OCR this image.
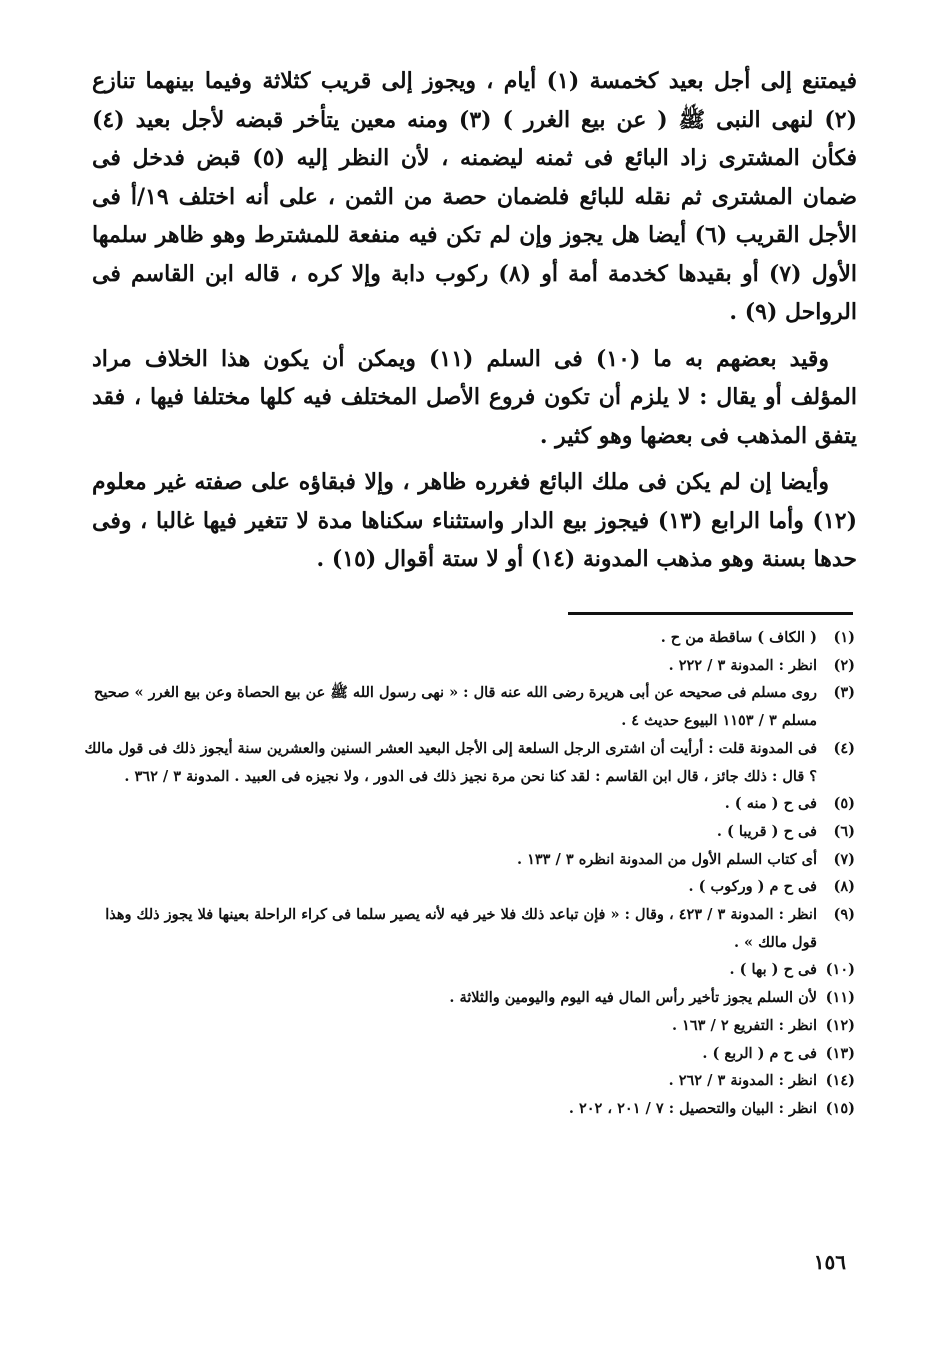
فيمتنع إلى أجل بعيد كخمسة (١) أيام ، ويجوز إلى قريب كثلاثة وفيما بينهما تنازع (٢) لنهى النبى ﷺ ( عن بيع الغرر ) (٣) ومنه معين يتأخر قبضه لأجل بعيد (٤) فكأن المشترى زاد البائع فى ثمنه ليضمنه ، لأن النظر إليه (٥) قبض فدخل فى ضمان المشترى ثم نقله للبائع فلضمان حصة من الثمن ، على أنه اختلف ١٩/أ فى الأجل القريب (٦) أيضا هل يجوز وإن لم تكن فيه منفعة للمشترط وهو ظاهر سلمها الأول (٧) أو بقيدها كخدمة أمة أو (٨) ركوب دابة وإلا كره ، قاله ابن القاسم فى الرواحل (٩) .

وقيد بعضهم به ما (١٠) فى السلم (١١) ويمكن أن يكون هذا الخلاف مراد المؤلف أو يقال : لا يلزم أن تكون فروع الأصل المختلف فيه كلها مختلفا فيها ، فقد يتفق المذهب فى بعضها وهو كثير .

وأيضا إن لم يكن فى ملك البائع فغرره ظاهر ، وإلا فبقاؤه على صفته غير معلوم (١٢) وأما الرابع (١٣) فيجوز بيع الدار واستثناء سكناها مدة لا تتغير فيها غالبا ، وفى حدها بسنة وهو مذهب المدونة (١٤) أو لا ستة أقوال (١٥) .

(١)
( الكاف ) ساقطة من ح .
(٢)
انظر : المدونة ٣ / ٢٢٢ .
(٣)
روى مسلم فى صحيحه عن أبى هريرة رضى الله عنه قال : « نهى رسول الله ﷺ عن بيع الحصاة وعن بيع الغرر » صحيح مسلم ٣ / ١١٥٣ البيوع حديث ٤ .
(٤)
فى المدونة قلت : أرأيت أن اشترى الرجل السلعة إلى الأجل البعيد العشر السنين والعشرين سنة أيجوز ذلك فى قول مالك ؟ قال : ذلك جائز ، قال ابن القاسم : لقد كنا نحن مرة نجيز ذلك فى الدور ، ولا نجيزه فى العبيد . المدونة ٣ / ٣٦٢ .
(٥)
فى ح ( منه ) .
(٦)
فى ح ( قريبا ) .
(٧)
أى كتاب السلم الأول من المدونة انظره ٣ / ١٣٣ .
(٨)
فى ح م ( وركوب ) .
(٩)
انظر : المدونة ٣ / ٤٢٣ ، وقال : « فإن تباعد ذلك فلا خير فيه لأنه يصير سلما فى كراء الراحلة بعينها فلا يجوز ذلك وهذا قول مالك » .
(١٠)
فى ح ( بها ) .
(١١)
لأن السلم يجوز تأخير رأس المال فيه اليوم واليومين والثلاثة .
(١٢)
انظر : التفريع ٢ / ١٦٣ .
(١٣)
فى ح م ( الربع ) .
(١٤)
انظر : المدونة ٣ / ٢٦٢ .
(١٥)
انظر : البيان والتحصيل : ٧ / ٢٠١ ، ٢٠٢ .
١٥٦
